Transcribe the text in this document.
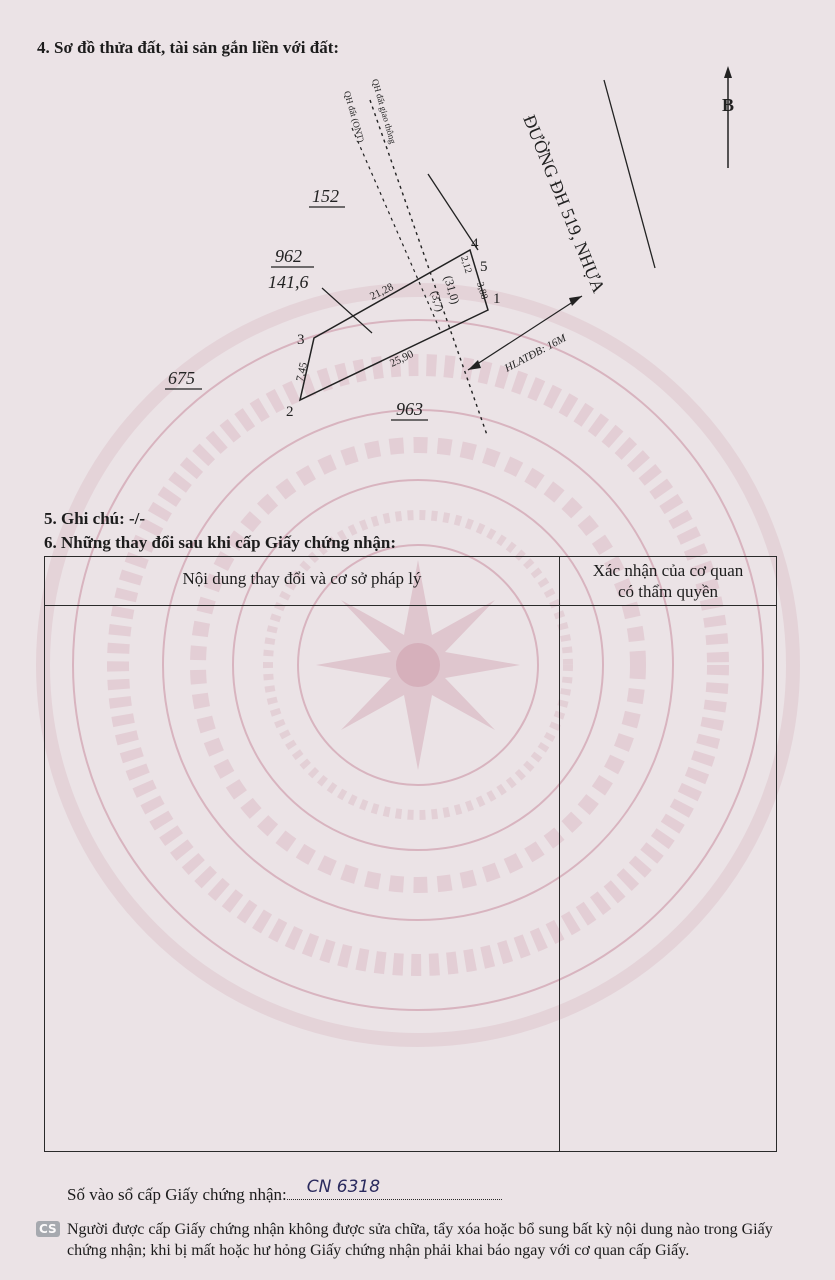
4. Sơ đồ thửa đất, tài sản gắn liền với đất:
B
ĐƯỜNG ĐH 519, NHỰA
QH đất giao thông
QH đất (ONT)
HLATĐB: 16M
1
2
3
4
5
21,28
25,90
7,45
3,88
2,12
(31,0)
(3,7)
962
141,6
152
675
963
5. Ghi chú: -/-
6. Những thay đổi sau khi cấp Giấy chứng nhận:
Nội dung thay đổi và cơ sở pháp lý	Xác nhận của cơ quan
có thẩm quyền
Số vào sổ cấp Giấy chứng nhận: CN 6318
CS Người được cấp Giấy chứng nhận không được sửa chữa, tẩy xóa hoặc bổ sung bất kỳ nội dung nào trong Giấy chứng nhận; khi bị mất hoặc hư hỏng Giấy chứng nhận phải khai báo ngay với cơ quan cấp Giấy.
